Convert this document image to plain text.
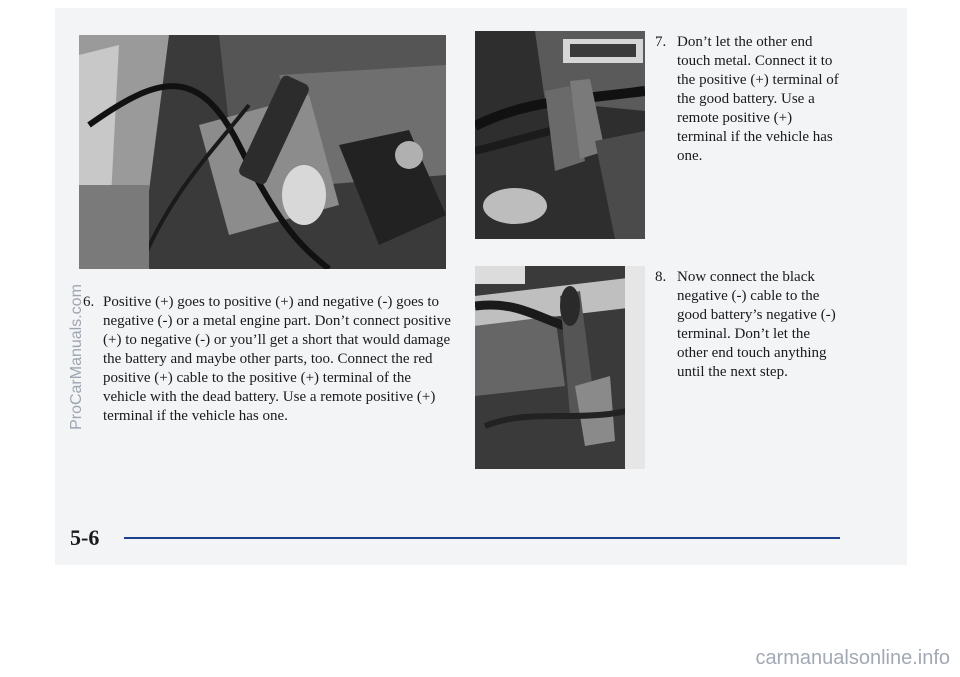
6. Positive (+) goes to positive (+) and negative (-) goes to negative (-) or a metal engine part. Don’t connect positive (+) to negative (-) or you’ll get a short that would damage the battery and maybe other parts, too. Connect the red positive (+) cable to the positive (+) terminal of the vehicle with the dead battery. Use a remote positive (+) terminal if the vehicle has one.
7. Don’t let the other end touch metal. Connect it to the positive (+) terminal of the good battery. Use a remote positive (+) terminal if the vehicle has one.
8. Now connect the black negative (-) cable to the good battery’s negative (-) terminal. Don’t let the other end touch anything until the next step.
5-6
ProCarManuals.com
carmanualsonline.info
